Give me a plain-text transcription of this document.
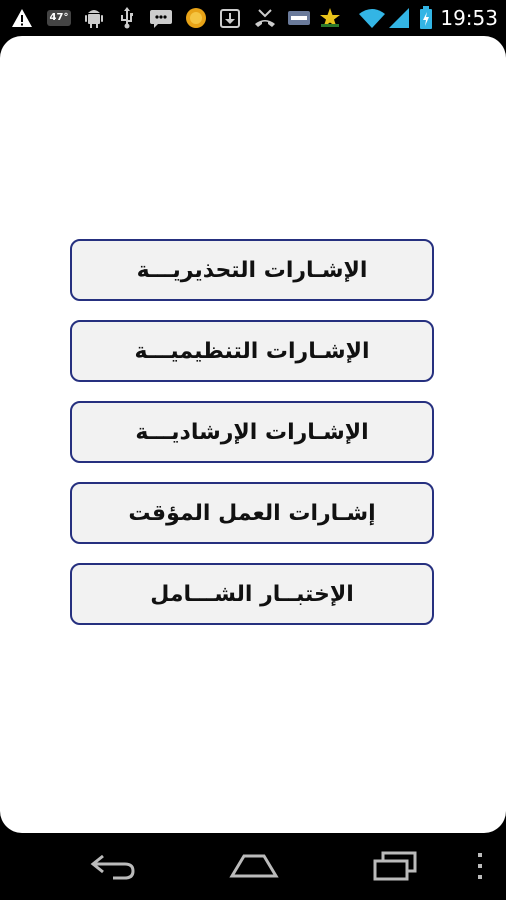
47°	19:53
الإشـارات التحذيريـــة
الإشـارات التنظيميـــة
الإشـارات الإرشاديـــة
إشـارات العمل المؤقت
الإختبــار الشـــامل
